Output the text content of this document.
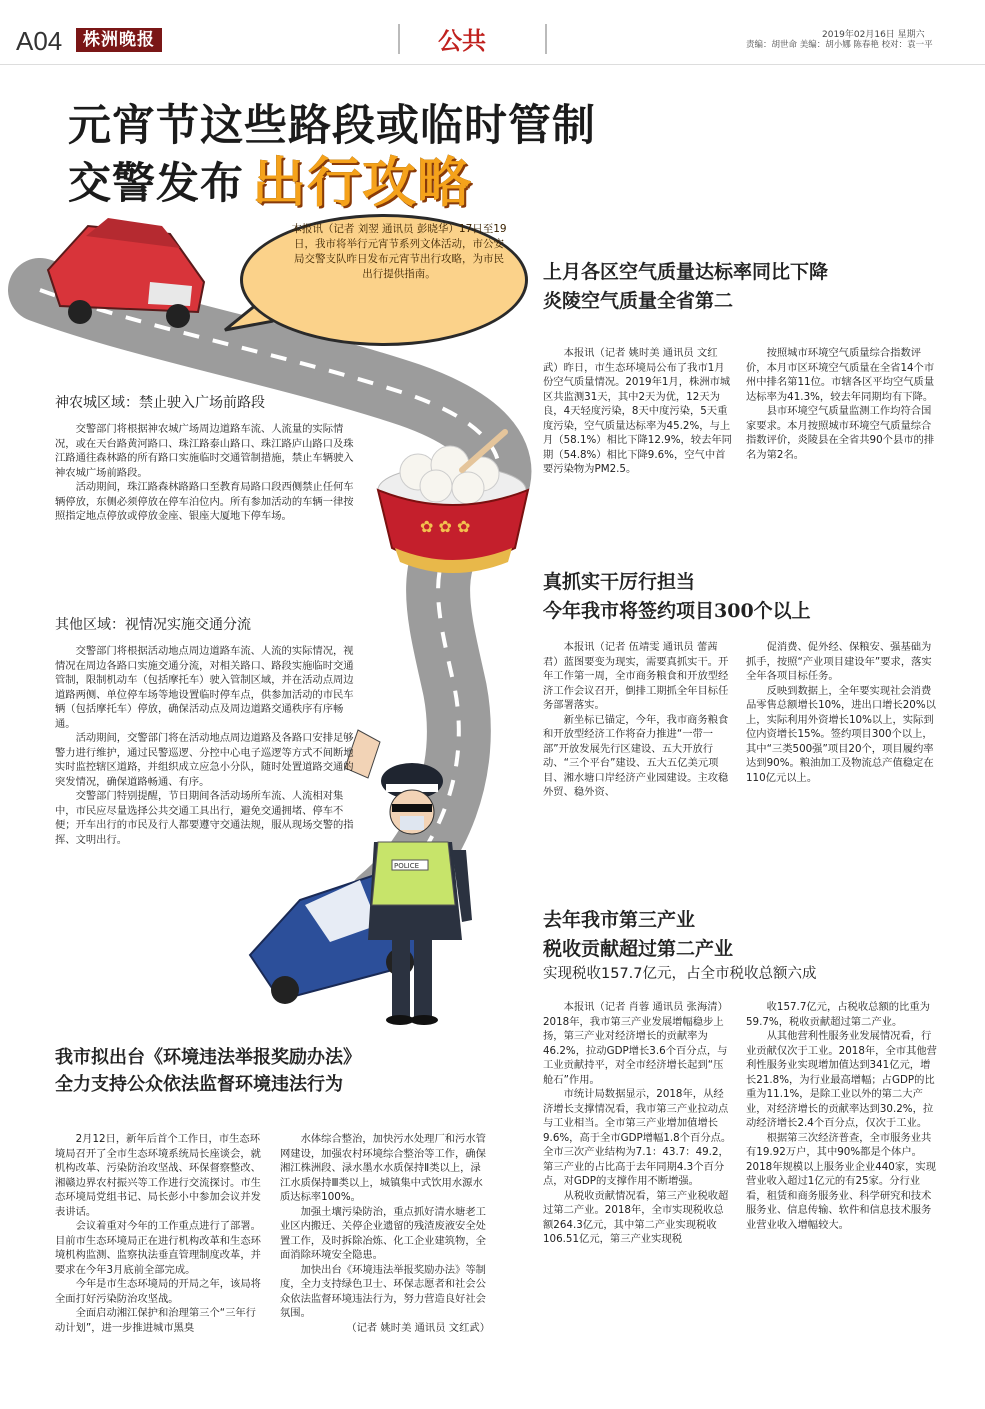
A04	株洲晚报	公共	2019年02月16日 星期六
责编：胡世命 美编：胡小娜 陈春艳 校对：袁一平
✿ ✿ ✿
POLICE
元宵节这些路段或临时管制
交警发布 出行攻略
本报讯（记者 刘翌 通讯员 彭晓华）17日至19日，我市将举行元宵节系列文体活动，市公安局交警支队昨日发布元宵节出行攻略，为市民出行提供指南。
神农城区域：禁止驶入广场前路段

交警部门将根据神农城广场周边道路车流、人流量的实际情况，或在天台路黄河路口、珠江路泰山路口、珠江路庐山路口及珠江路通往森林路的所有路口实施临时交通管制措施，禁止车辆驶入神农城广场前路段。

活动期间，珠江路森林路路口至教育局路口段西侧禁止任何车辆停放，东侧必须停放在停车泊位内。所有参加活动的车辆一律按照指定地点停放或停放金座、银座大厦地下停车场。

其他区域：视情况实施交通分流

交警部门将根据活动地点周边道路车流、人流的实际情况，视情况在周边各路口实施交通分流，对相关路口、路段实施临时交通管制，限制机动车（包括摩托车）驶入管制区域，并在活动点周边道路两侧、单位停车场等地设置临时停车点，供参加活动的市民车辆（包括摩托车）停放，确保活动点及周边道路交通秩序有序畅通。

活动期间，交警部门将在活动地点周边道路及各路口安排足够警力进行维护，通过民警巡逻、分控中心电子巡逻等方式不间断地实时监控辖区道路，并组织成立应急小分队，随时处置道路交通的突发情况，确保道路畅通、有序。

交警部门特别提醒，节日期间各活动场所车流、人流相对集中，市民应尽量选择公共交通工具出行，避免交通拥堵、停车不便；开车出行的市民及行人都要遵守交通法规，服从现场交警的指挥、文明出行。

上月各区空气质量达标率同比下降
炎陵空气质量全省第二

本报讯（记者 姚时美 通讯员 文红武）昨日，市生态环境局公布了我市1月份空气质量情况。2019年1月，株洲市城区共监测31天，其中2天为优，12天为良，4天轻度污染，8天中度污染，5天重度污染，空气质量达标率为45.2%，与上月（58.1%）相比下降12.9%，较去年同期（54.8%）相比下降9.6%，空气中首要污染物为PM2.5。

按照城市环境空气质量综合指数评价，本月市区环境空气质量在全省14个市州中排名第11位。市辖各区平均空气质量达标率为41.3%，较去年同期均有下降。

县市环境空气质量监测工作均符合国家要求。本月按照城市环境空气质量综合指数评价，炎陵县在全省共90个县市的排名为第2名。

真抓实干厉行担当
今年我市将签约项目300个以上

本报讯（记者 伍靖雯 通讯员 蕾茜君）蓝图要变为现实，需要真抓实干。开年工作第一周，全市商务粮食和开放型经济工作会议召开，倒排工期抓全年目标任务部署落实。

新坐标已锚定，今年，我市商务粮食和开放型经济工作将奋力推进“一带一部”开放发展先行区建设、五大开放行动、“三个平台”建设、五大五亿美元项目、湘水塘口岸经济产业园建设。主攻稳外贸、稳外资、

促消费、促外经、保粮安、强基础为抓手，按照“产业项目建设年”要求，落实全年各项目标任务。

反映到数据上，全年要实现社会消费品零售总额增长10%，进出口增长20%以上，实际利用外资增长10%以上，实际到位内资增长15%。签约项目300个以上，其中“三类500强”项目20个，项目履约率达到90%。粮油加工及物流总产值稳定在110亿元以上。

去年我市第三产业
税收贡献超过第二产业
实现税收157.7亿元，占全市税收总额六成

本报讯（记者 肖蓉 通讯员 张海清）2018年，我市第三产业发展增幅稳步上扬，第三产业对经济增长的贡献率为46.2%，拉动GDP增长3.6个百分点，与工业贡献持平，对全市经济增长起到“压舱石”作用。

市统计局数据显示，2018年，从经济增长支撑情况看，我市第三产业拉动点与工业相当。全市第三产业增加值增长9.6%，高于全市GDP增幅1.8个百分点。全市三次产业结构为7.1：43.7：49.2，第三产业的占比高于去年同期4.3个百分点，对GDP的支撑作用不断增强。

从税收贡献情况看，第三产业税收超过第二产业。2018年，全市实现税收总额264.3亿元，其中第二产业实现税收106.51亿元，第三产业实现税

收157.7亿元，占税收总额的比重为59.7%，税收贡献超过第二产业。

从其他营利性服务业发展情况看，行业贡献仅次于工业。2018年，全市其他营利性服务业实现增加值达到341亿元，增长21.8%，为行业最高增幅；占GDP的比重为11.1%，是除工业以外的第二大产业，对经济增长的贡献率达到30.2%，拉动经济增长2.4个百分点，仅次于工业。

根据第三次经济普查，全市服务业共有19.92万户，其中90%都是个体户。2018年规模以上服务业企业440家，实现营业收入超过1亿元的有25家。分行业看，租赁和商务服务业、科学研究和技术服务业、信息传输、软件和信息技术服务业营业收入增幅较大。

我市拟出台《环境违法举报奖励办法》
全力支持公众依法监督环境违法行为

2月12日，新年后首个工作日，市生态环境局召开了全市生态环境系统局长座谈会，就机构改革、污染防治攻坚战、环保督察整改、湘赣边界农村振兴等工作进行交流探讨。市生态环境局党组书记、局长彭小中参加会议并发表讲话。

会议着重对今年的工作重点进行了部署。目前市生态环境局正在进行机构改革和生态环境机构监测、监察执法垂直管理制度改革，并要求在今年3月底前全部完成。

今年是市生态环境局的开局之年，该局将全面打好污染防治攻坚战。

全面启动湘江保护和治理第三个“三年行动计划”，进一步推进城市黑臭

水体综合整治，加快污水处理厂和污水管网建设，加强农村环境综合整治等工作，确保湘江株洲段、渌水墨水水质保持Ⅱ类以上，渌江水质保持Ⅲ类以上，城镇集中式饮用水源水质达标率100%。

加强土壤污染防治，重点抓好清水塘老工业区内搬迁、关停企业遗留的残渣废液安全处置工作，及时拆除冶炼、化工企业建筑物，全面消除环境安全隐患。

加快出台《环境违法举报奖励办法》等制度，全力支持绿色卫士、环保志愿者和社会公众依法监督环境违法行为，努力营造良好社会氛围。

（记者 姚时美 通讯员 文红武）
